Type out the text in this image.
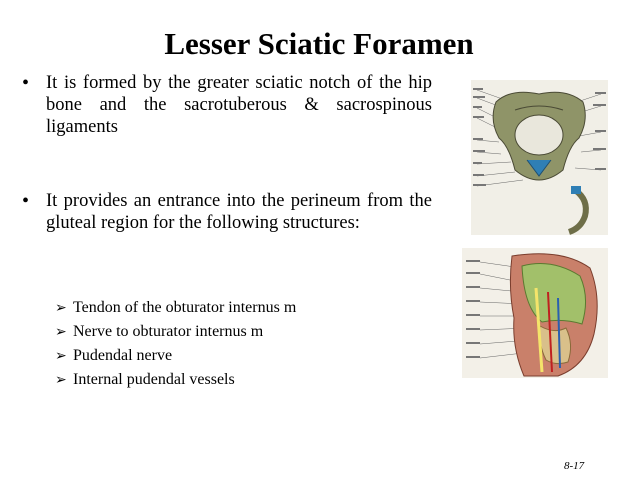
Lesser Sciatic Foramen
• It is formed by the greater sciatic notch of the hip bone and the sacrotuberous & sacrospinous ligaments
• It provides an entrance into the perineum from the gluteal region for the following structures:
➢ Tendon of the obturator internus m
➢ Nerve to obturator internus m
➢ Pudendal nerve
➢ Internal pudendal vessels
8-17
